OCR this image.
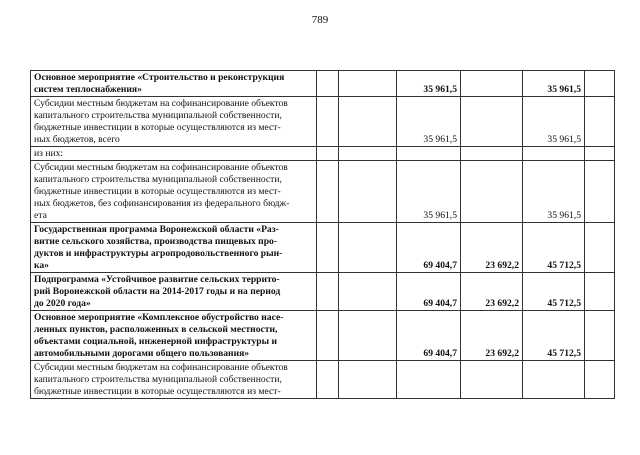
789
Основное мероприятие «Строительство и реконструкция
систем теплоснабжения»			35 961,5		35 961,5	

Субсидии местным бюджетам на софинансирование объектов
капитального строительства муниципальной собственности,
бюджетные инвестиции в которые осуществляются из мест-
ных бюджетов, всего			35 961,5		35 961,5	

из них:						

Субсидии местным бюджетам на софинансирование объектов
капитального строительства муниципальной собственности,
бюджетные инвестиции в которые осуществляются из мест-
ных бюджетов, без софинансирования из федерального бюдж-
ета			35 961,5		35 961,5	

Государственная программа Воронежской области «Раз-
витие сельского хозяйства, производства пищевых про-
дуктов и инфраструктуры агропродовольственного рын-
ка»			69 404,7	23 692,2	45 712,5	

Подпрограмма «Устойчивое развитие сельских террито-
рий Воронежской области на 2014-2017 годы и на период
до 2020 года»			69 404,7	23 692,2	45 712,5	

Основное мероприятие «Комплексное обустройство насе-
ленных пунктов, расположенных в сельской местности,
объектами социальной, инженерной инфраструктуры и
автомобильными дорогами общего пользования»			69 404,7	23 692,2	45 712,5	

Субсидии местным бюджетам на софинансирование объектов
капитального строительства муниципальной собственности,
бюджетные инвестиции в которые осуществляются из мест-						
